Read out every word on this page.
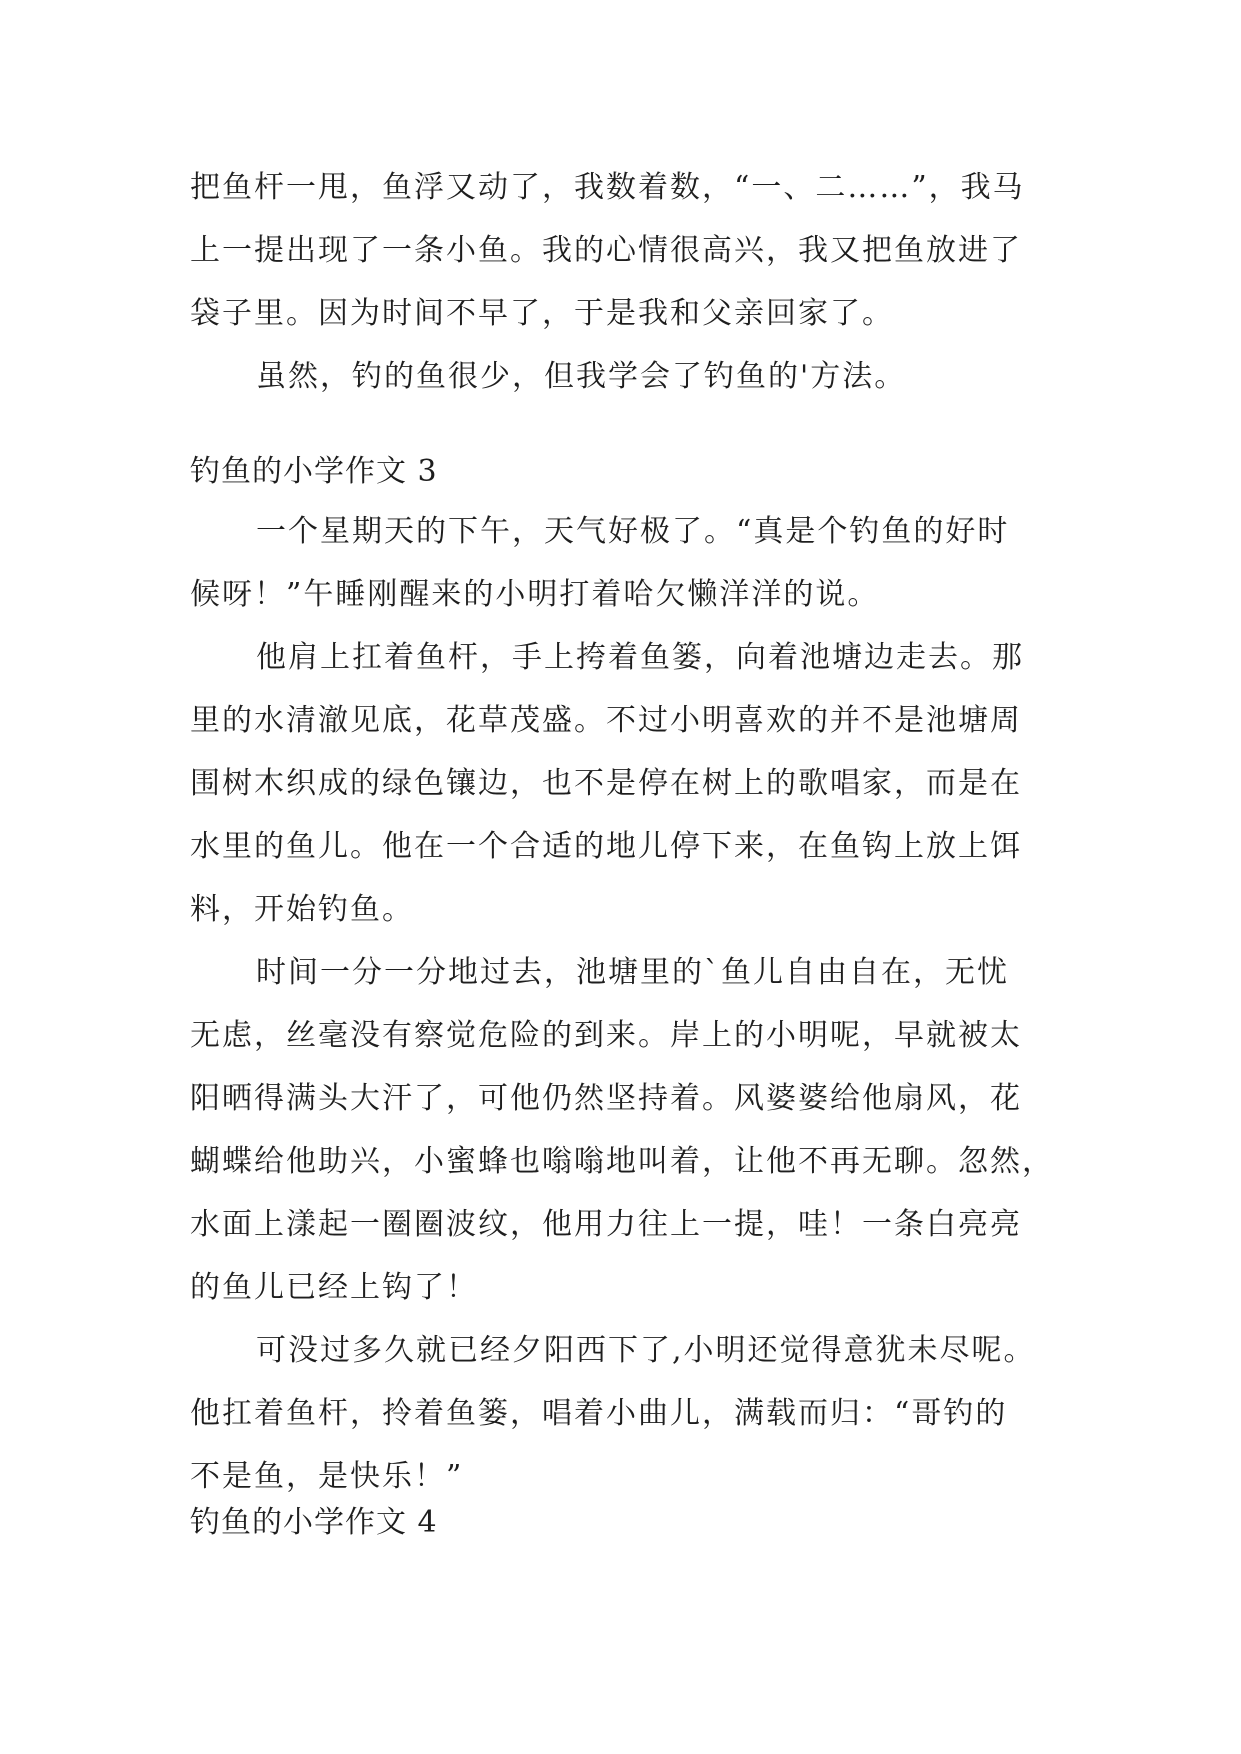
把鱼杆一甩，鱼浮又动了，我数着数，“一、二……”，我马
上一提出现了一条小鱼。我的心情很高兴，我又把鱼放进了
袋子里。因为时间不早了，于是我和父亲回家了。
虽然，钓的鱼很少，但我学会了钓鱼的'方法。
钓鱼的小学作文 3
一个星期天的下午，天气好极了。“真是个钓鱼的好时
候呀！”午睡刚醒来的小明打着哈欠懒洋洋的说。
他肩上扛着鱼杆，手上挎着鱼篓，向着池塘边走去。那
里的水清澈见底，花草茂盛。不过小明喜欢的并不是池塘周
围树木织成的绿色镶边，也不是停在树上的歌唱家，而是在
水里的鱼儿。他在一个合适的地儿停下来，在鱼钩上放上饵
料，开始钓鱼。
时间一分一分地过去，池塘里的`鱼儿自由自在，无忧
无虑，丝毫没有察觉危险的到来。岸上的小明呢，早就被太
阳晒得满头大汗了，可他仍然坚持着。风婆婆给他扇风，花
蝴蝶给他助兴，小蜜蜂也嗡嗡地叫着，让他不再无聊。忽然，
水面上漾起一圈圈波纹，他用力往上一提，哇！一条白亮亮
的鱼儿已经上钩了！
可没过多久就已经夕阳西下了,小明还觉得意犹未尽呢。
他扛着鱼杆，拎着鱼篓，唱着小曲儿，满载而归：“哥钓的
不是鱼，是快乐！”
钓鱼的小学作文 4
